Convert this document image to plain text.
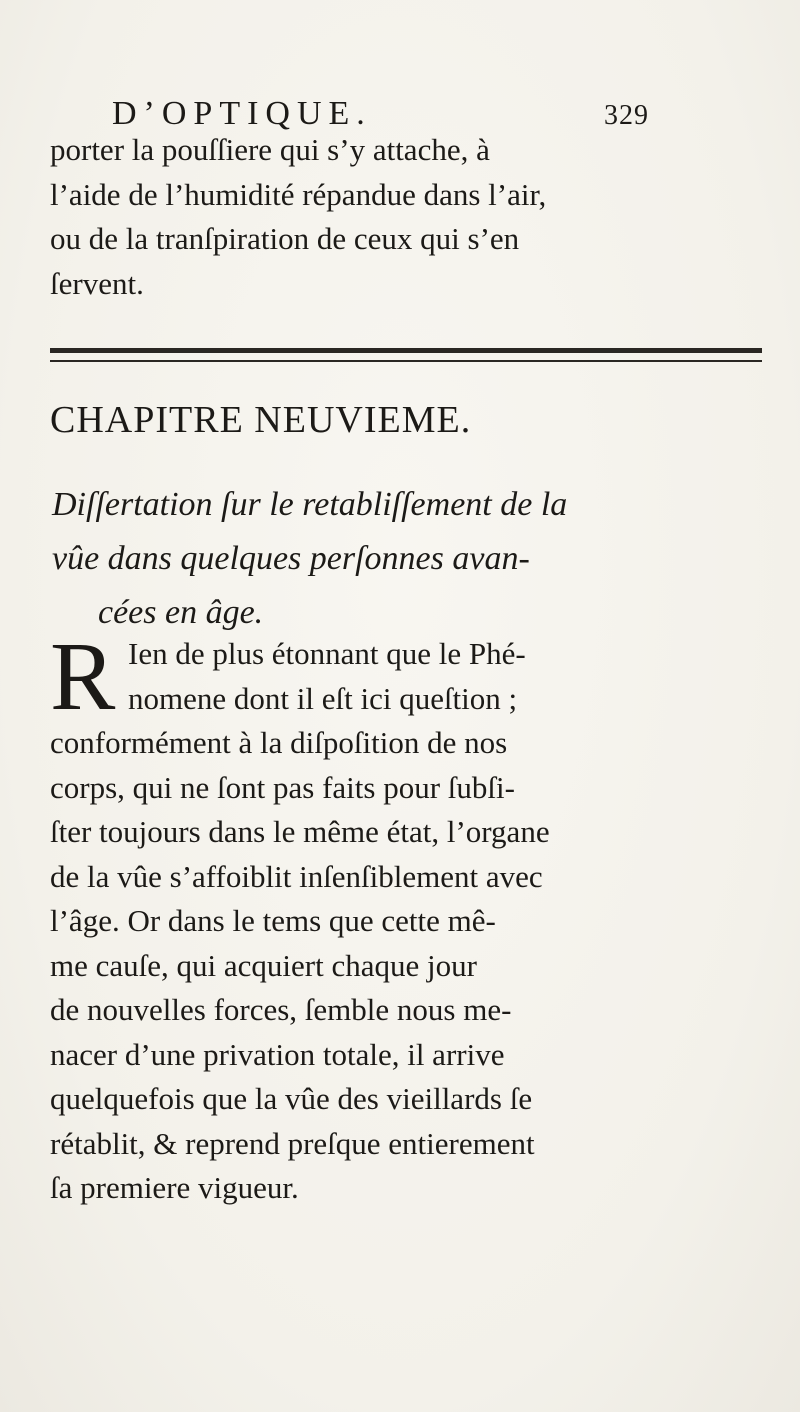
D’OPTIQUE.	329
porter la pouſſiere qui s’y attache, à
l’aide de l’humidité répandue dans l’air,
ou de la tranſpiration de ceux qui s’en
ſervent.
CHAPITRE NEUVIEME.
Diſſertation ſur le retabliſſement de la
vûe dans quelques perſonnes avan-
cées en âge.
R Ien de plus étonnant que le Phé-
nomene dont il eſt ici queſtion ;
conformément à la diſpoſition de nos
corps, qui ne ſont pas faits pour ſubſi-
ſter toujours dans le même état, l’organe
de la vûe s’affoiblit inſenſiblement avec
l’âge. Or dans le tems que cette mê-
me cauſe, qui acquiert chaque jour
de nouvelles forces, ſemble nous me-
nacer d’une privation totale, il arrive
quelquefois que la vûe des vieillards ſe
rétablit, & reprend preſque entierement
ſa premiere vigueur.
